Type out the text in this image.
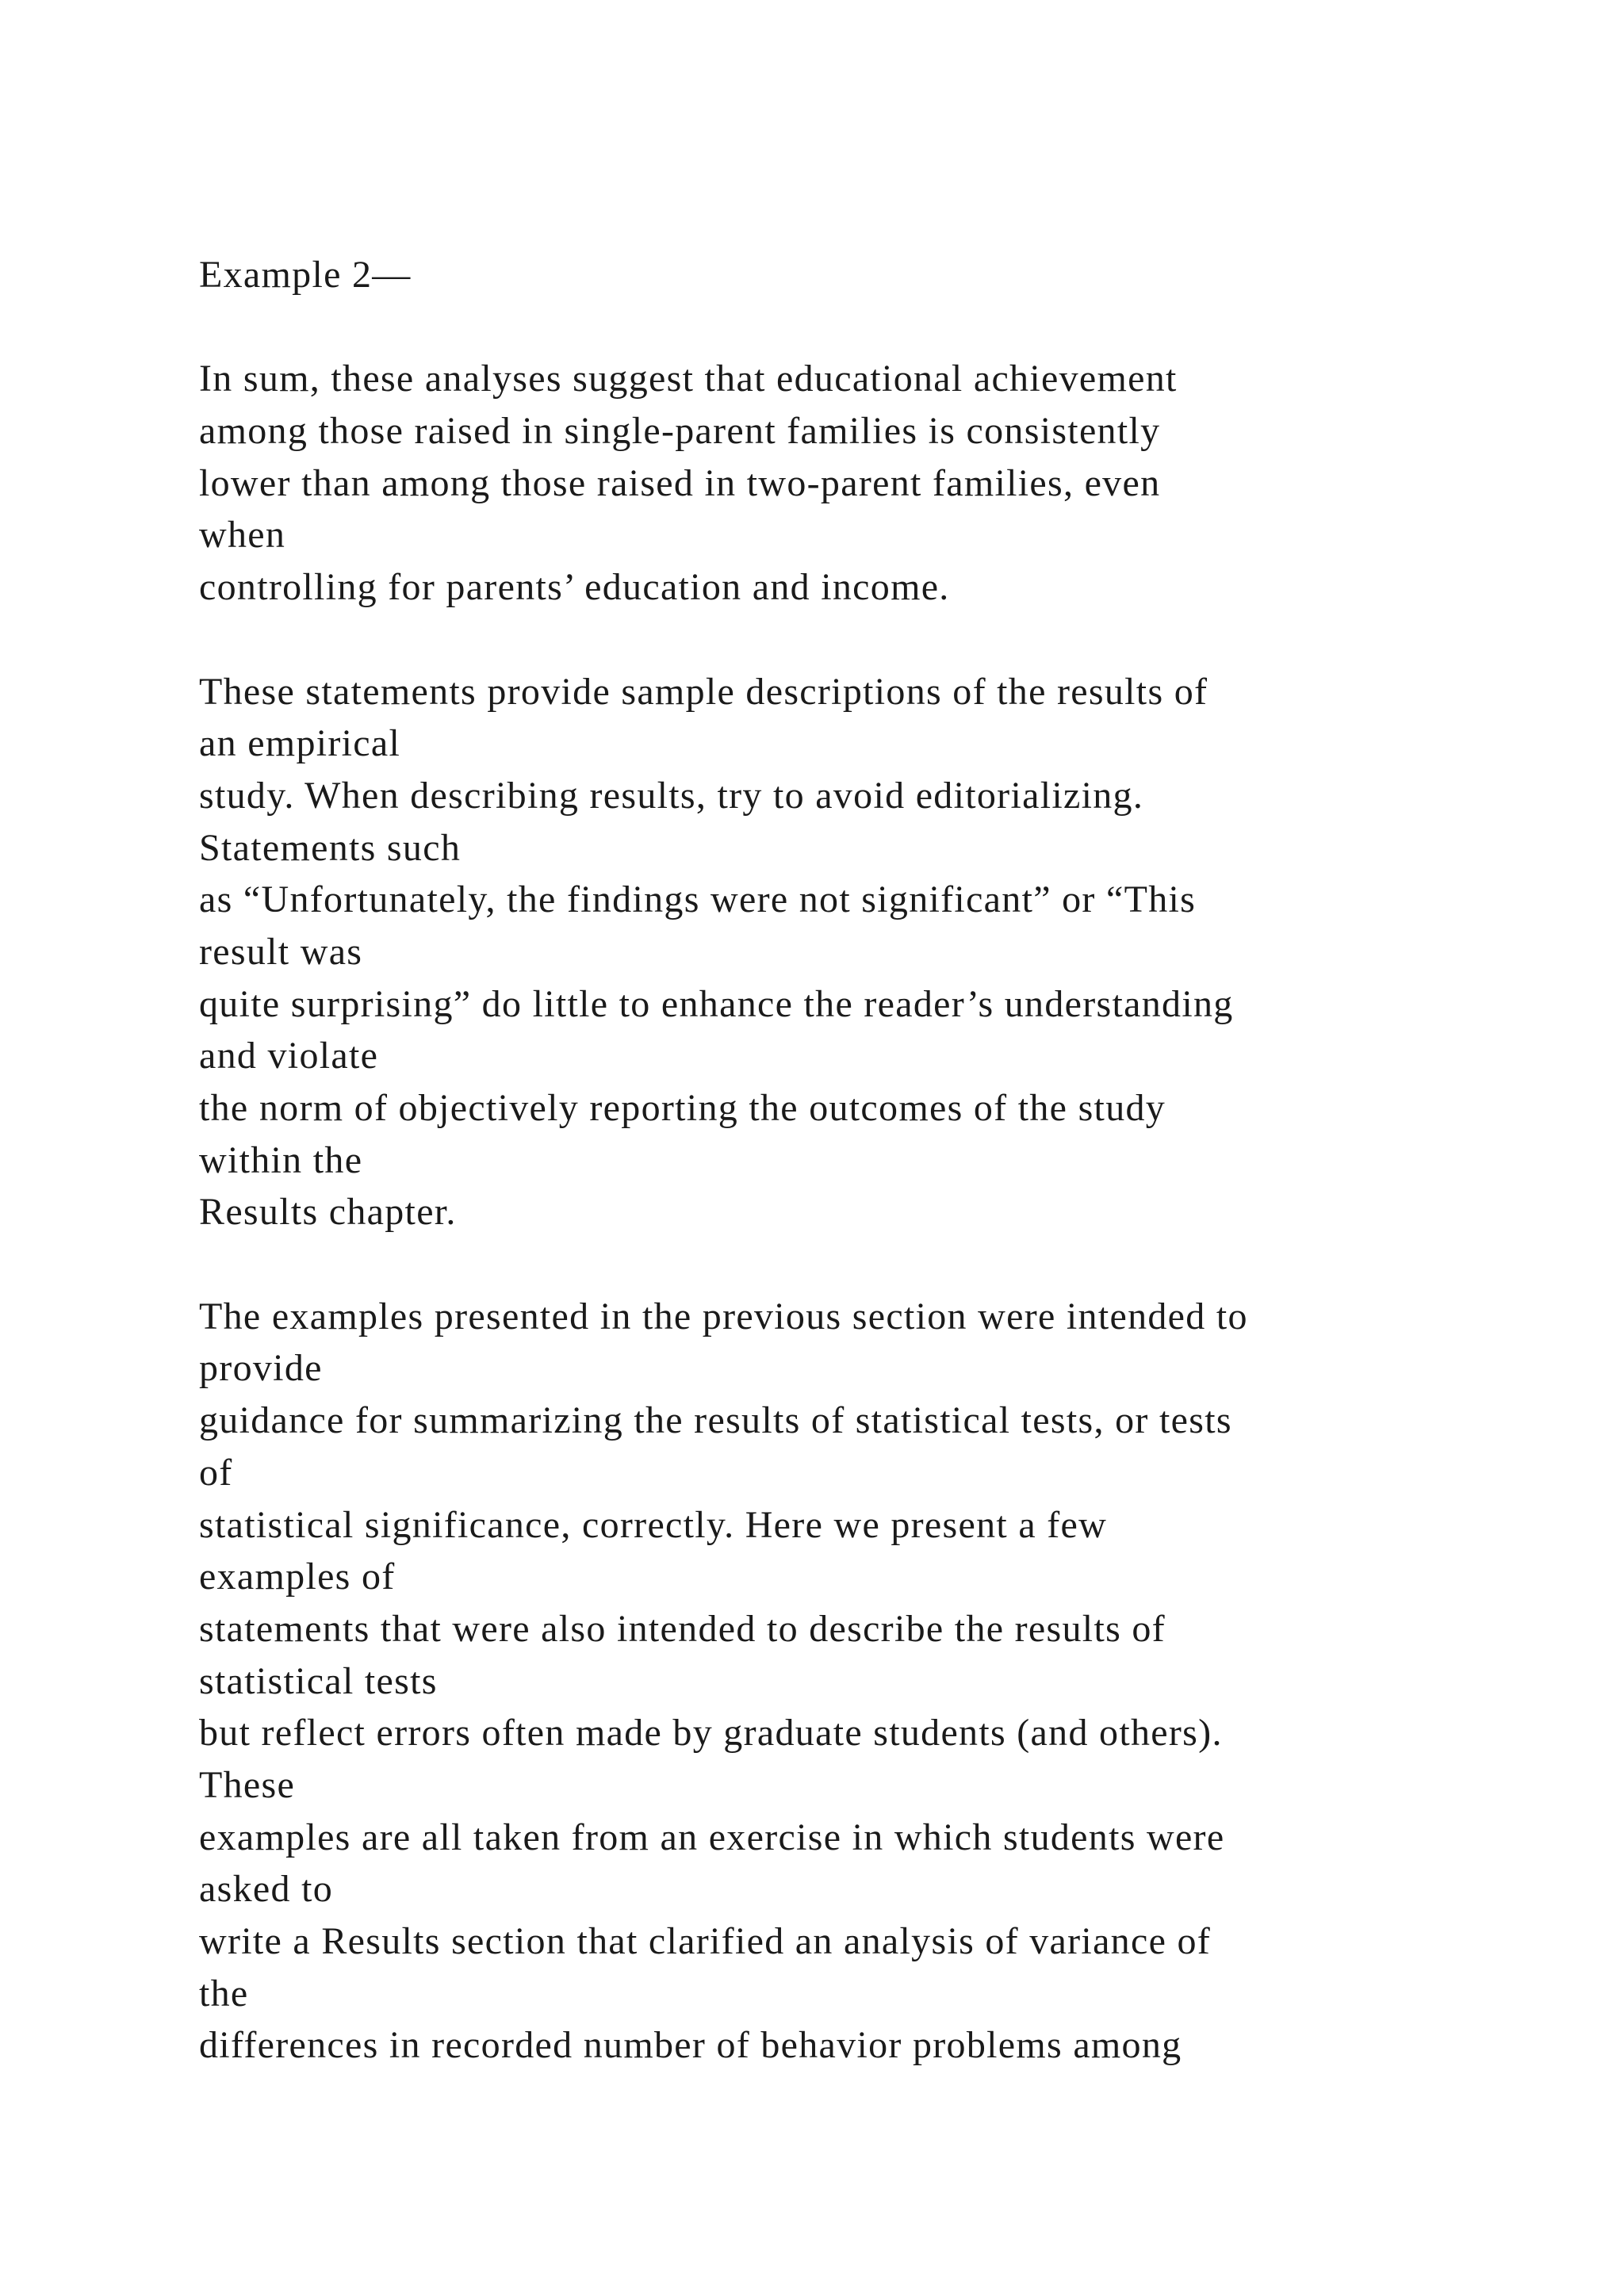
Example 2—
In sum, these analyses suggest that educational achievement
among those raised in single-parent families is consistently
lower than among those raised in two-parent families, even
when
controlling for parents’ education and income.
These statements provide sample descriptions of the results of
an empirical
study. When describing results, try to avoid editorializing.
Statements such
as “Unfortunately, the findings were not significant” or “This
result was
quite surprising” do little to enhance the reader’s understanding
and violate
the norm of objectively reporting the outcomes of the study
within the
Results chapter.
The examples presented in the previous section were intended to
provide
guidance for summarizing the results of statistical tests, or tests
of
statistical significance, correctly. Here we present a few
examples of
statements that were also intended to describe the results of
statistical tests
but reflect errors often made by graduate students (and others).
These
examples are all taken from an exercise in which students were
asked to
write a Results section that clarified an analysis of variance of
the
differences in recorded number of behavior problems among
